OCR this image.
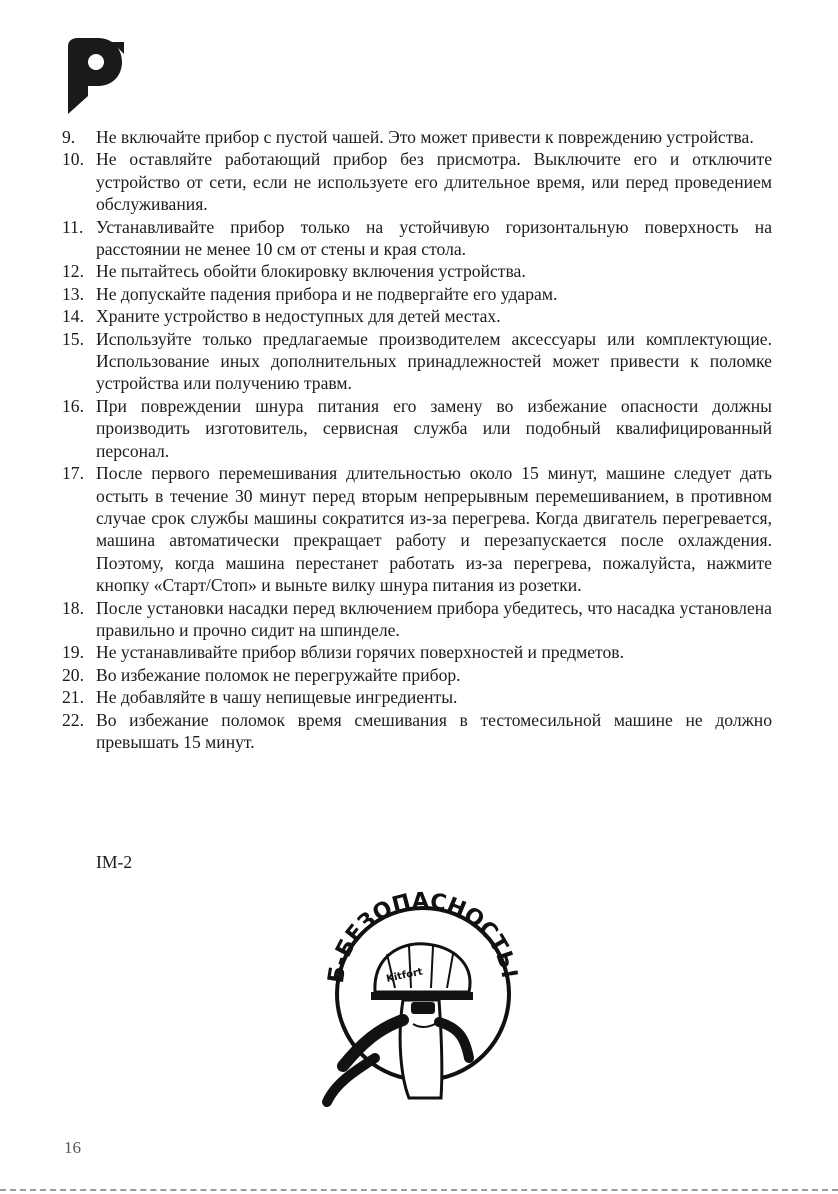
9. Не включайте прибор с пустой чашей. Это может привести к повреждению устройства.
10. Не оставляйте работающий прибор без присмотра. Выключите его и отключите устройство от сети, если не используете его длительное время, или перед проведением обслуживания.
11. Устанавливайте прибор только на устойчивую горизонтальную поверхность на расстоянии не менее 10 см от стены и края стола.
12. Не пытайтесь обойти блокировку включения устройства.
13. Не допускайте падения прибора и не подвергайте его ударам.
14. Храните устройство в недоступных для детей местах.
15. Используйте только предлагаемые производителем аксессуары или комплектующие. Использование иных дополнительных принадлежностей может привести к поломке устройства или получению травм.
16. При повреждении шнура питания его замену во избежание опасности должны производить изготовитель, сервисная служба или подобный квалифицированный персонал.
17. После первого перемешивания длительностью около 15 минут, машине следует дать остыть в течение 30 минут перед вторым непрерывным перемешиванием, в противном случае срок службы машины сократится из-за перегрева. Когда двигатель перегревается, машина автоматически прекращает работу и перезапускается после охлаждения. Поэтому, когда машина перестанет работать из-за перегрева, пожалуйста, нажмите кнопку «Старт/Стоп» и выньте вилку шнура питания из розетки.
18. После установки насадки перед включением прибора убедитесь, что насадка установлена правильно и прочно сидит на шпинделе.
19. Не устанавливайте прибор вблизи горячих поверхностей и предметов.
20. Во избежание поломок не перегружайте прибор.
21. Не добавляйте в чашу непищевые ингредиенты.
22. Во избежание поломок время смешивания в тестомесильной машине не должно превышать 15 минут.
IM-2
Б-БЕЗОПАСНОСТЬ!
Kitfort
16
